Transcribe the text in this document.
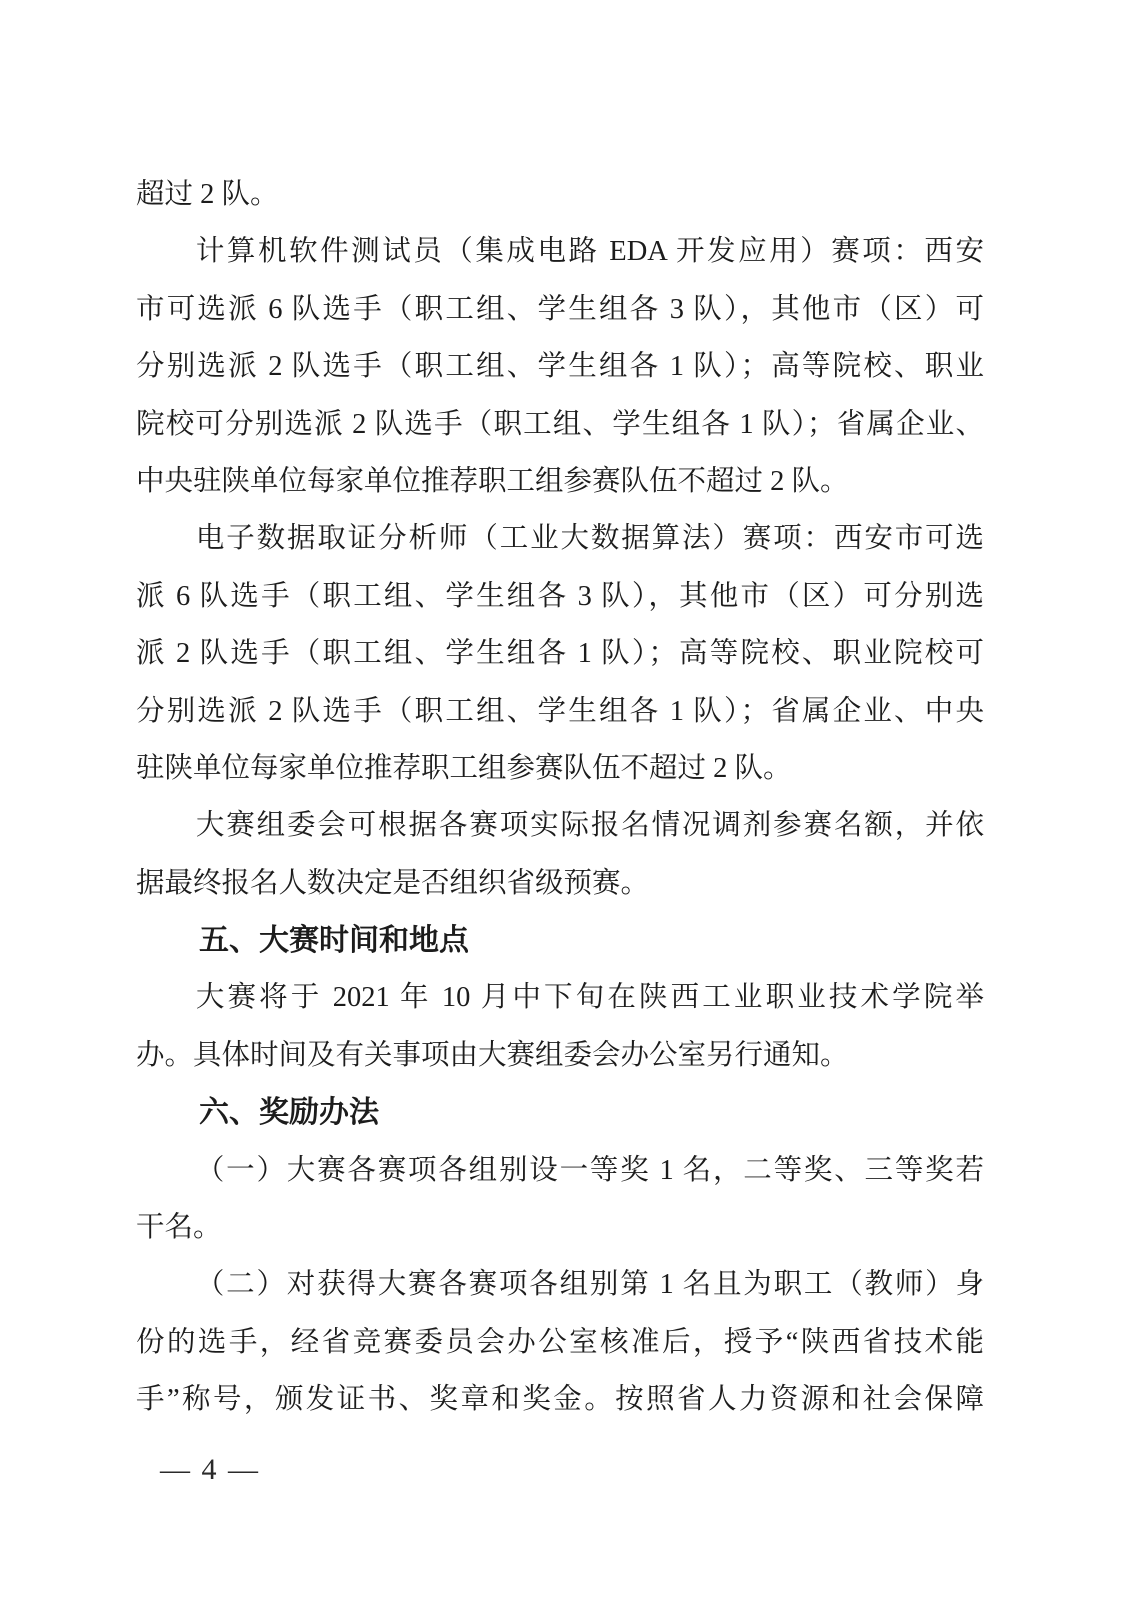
超过 2 队。
计算机软件测试员（集成电路 EDA 开发应用）赛项：西安
市可选派 6 队选手（职工组、学生组各 3 队），其他市（区）可
分别选派 2 队选手（职工组、学生组各 1 队）；高等院校、职业
院校可分别选派 2 队选手（职工组、学生组各 1 队）；省属企业、
中央驻陕单位每家单位推荐职工组参赛队伍不超过 2 队。
电子数据取证分析师（工业大数据算法）赛项：西安市可选
派 6 队选手（职工组、学生组各 3 队），其他市（区）可分别选
派 2 队选手（职工组、学生组各 1 队）；高等院校、职业院校可
分别选派 2 队选手（职工组、学生组各 1 队）；省属企业、中央
驻陕单位每家单位推荐职工组参赛队伍不超过 2 队。
大赛组委会可根据各赛项实际报名情况调剂参赛名额，并依
据最终报名人数决定是否组织省级预赛。
五、大赛时间和地点
大赛将于 2021 年 10 月中下旬在陕西工业职业技术学院举
办。具体时间及有关事项由大赛组委会办公室另行通知。
六、奖励办法
（一）大赛各赛项各组别设一等奖 1 名，二等奖、三等奖若
干名。
（二）对获得大赛各赛项各组别第 1 名且为职工（教师）身
份的选手，经省竞赛委员会办公室核准后，授予“陕西省技术能
手”称号，颁发证书、奖章和奖金。按照省人力资源和社会保障
— 4 —
